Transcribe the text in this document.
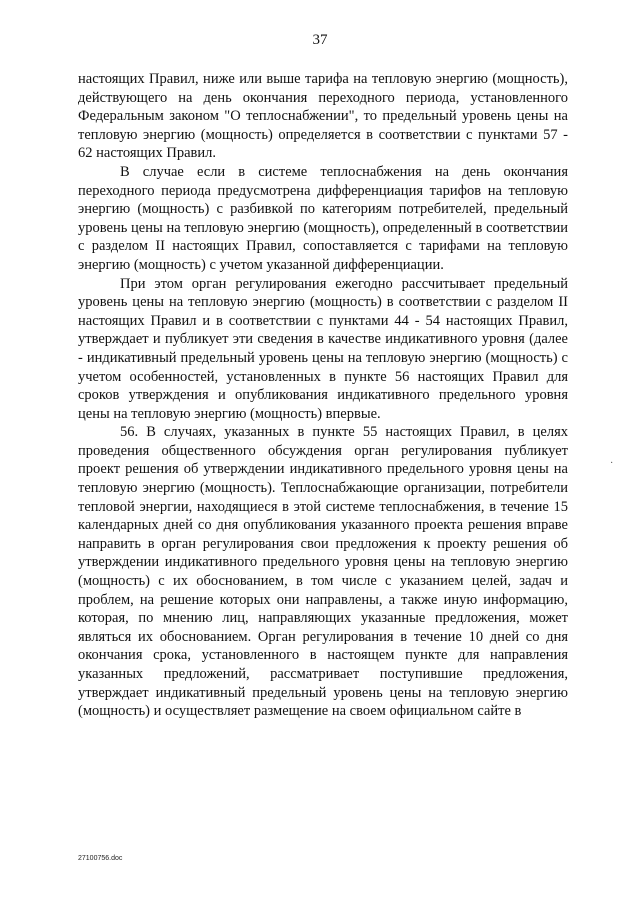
37

настоящих Правил, ниже или выше тарифа на тепловую энергию (мощность), действующего на день окончания переходного периода, установленного Федеральным законом "О теплоснабжении", то предельный уровень цены на тепловую энергию (мощность) определяется в соответствии с пунктами 57 - 62 настоящих Правил.

В случае если в системе теплоснабжения на день окончания переходного периода предусмотрена дифференциация тарифов на тепловую энергию (мощность) с разбивкой по категориям потребителей, предельный уровень цены на тепловую энергию (мощность), определенный в соответствии с разделом II настоящих Правил, сопоставляется с тарифами на тепловую энергию (мощность) с учетом указанной дифференциации.

При этом орган регулирования ежегодно рассчитывает предельный уровень цены на тепловую энергию (мощность) в соответствии с разделом II настоящих Правил и в соответствии с пунктами 44 - 54 настоящих Правил, утверждает и публикует эти сведения в качестве индикативного уровня (далее - индикативный предельный уровень цены на тепловую энергию (мощность) с учетом особенностей, установленных в пункте 56 настоящих Правил для сроков утверждения и опубликования индикативного предельного уровня цены на тепловую энергию (мощность) впервые.

56. В случаях, указанных в пункте 55 настоящих Правил, в целях проведения общественного обсуждения орган регулирования публикует проект решения об утверждении индикативного предельного уровня цены на тепловую энергию (мощность). Теплоснабжающие организации, потребители тепловой энергии, находящиеся в этой системе теплоснабжения, в течение 15 календарных дней со дня опубликования указанного проекта решения вправе направить в орган регулирования свои предложения к проекту решения об утверждении индикативного предельного уровня цены на тепловую энергию (мощность) с их обоснованием, в том числе с указанием целей, задач и проблем, на решение которых они направлены, а также иную информацию, которая, по мнению лиц, направляющих указанные предложения, может являться их обоснованием. Орган регулирования в течение 10 дней со дня окончания срока, установленного в настоящем пункте для направления указанных предложений, рассматривает поступившие предложения, утверждает индикативный предельный уровень цены на тепловую энергию (мощность) и осуществляет размещение на своем официальном сайте в

·
27100756.doc
